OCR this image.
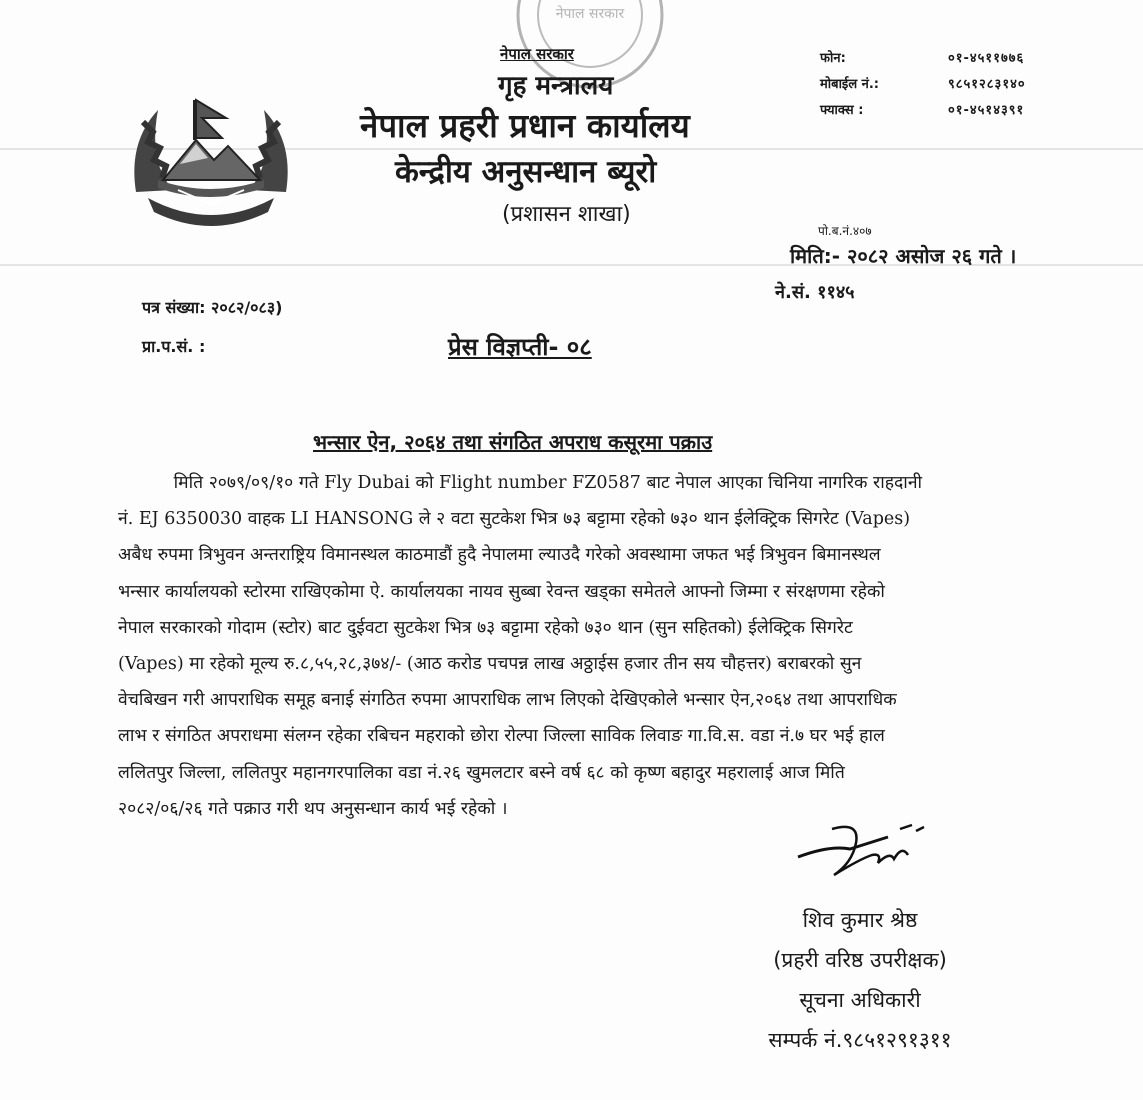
नेपाल सरकार
नेपाल सरकार
गृह मन्त्रालय
नेपाल प्रहरी प्रधान कार्यालय
केन्द्रीय अनुसन्धान ब्यूरो
(प्रशासन शाखा)
फोन:	०१-४५११७७६
मोबाईल नं.:	९८५१२८३१४०
फ्याक्स :	०१-४५१४३९१
पो.ब.नं.४०७
मिति:- २०८२ असोज २६ गते ।
ने.सं. ११४५
पत्र संख्या: २०८२/०८३)
प्रा.प.सं. :	प्रेस विज्ञप्ती- ०८
भन्सार ऐन, २०६४ तथा संगठित अपराध कसूरमा पक्राउ
मिति २०७९/०९/१० गते Fly Dubai को Flight number FZ0587 बाट नेपाल आएका चिनिया नागरिक राहदानी
नं. EJ 6350030 वाहक LI HANSONG ले २ वटा सुटकेश भित्र ७३ बट्टामा रहेको ७३० थान ईलेक्ट्रिक सिगरेट (Vapes)
अबैध रुपमा त्रिभुवन अन्तराष्ट्रिय विमानस्थल काठमाडौं हुदै नेपालमा ल्याउदै गरेको अवस्थामा जफत भई त्रिभुवन बिमानस्थल
भन्सार कार्यालयको स्टोरमा राखिएकोमा ऐ. कार्यालयका नायव सुब्बा रेवन्त खड्का समेतले आफ्नो जिम्मा र संरक्षणमा रहेको
नेपाल सरकारको गोदाम (स्टोर) बाट दुईवटा सुटकेश भित्र ७३ बट्टामा रहेको ७३० थान (सुन सहितको) ईलेक्ट्रिक सिगरेट
(Vapes) मा रहेको मूल्य रु.८,५५,२८,३७४/- (आठ करोड पचपन्न लाख अठ्ठाईस हजार तीन सय चौहत्तर) बराबरको सुन
वेचबिखन गरी आपराधिक समूह बनाई संगठित रुपमा आपराधिक लाभ लिएको देखिएकोले भन्सार ऐन,२०६४ तथा आपराधिक
लाभ र संगठित अपराधमा संलग्न रहेका रबिचन महराको छोरा रोल्पा जिल्ला साविक लिवाङ गा.वि.स. वडा नं.७ घर भई हाल
ललितपुर जिल्ला, ललितपुर महानगरपालिका वडा नं.२६ खुमलटार बस्ने वर्ष ६८ को कृष्ण बहादुर महरालाई आज मिति
२०८२/०६/२६ गते पक्राउ गरी थप अनुसन्धान कार्य भई रहेको ।
शिव कुमार श्रेष्ठ
(प्रहरी वरिष्ठ उपरीक्षक)
सूचना अधिकारी
सम्पर्क नं.९८५१२९१३११
